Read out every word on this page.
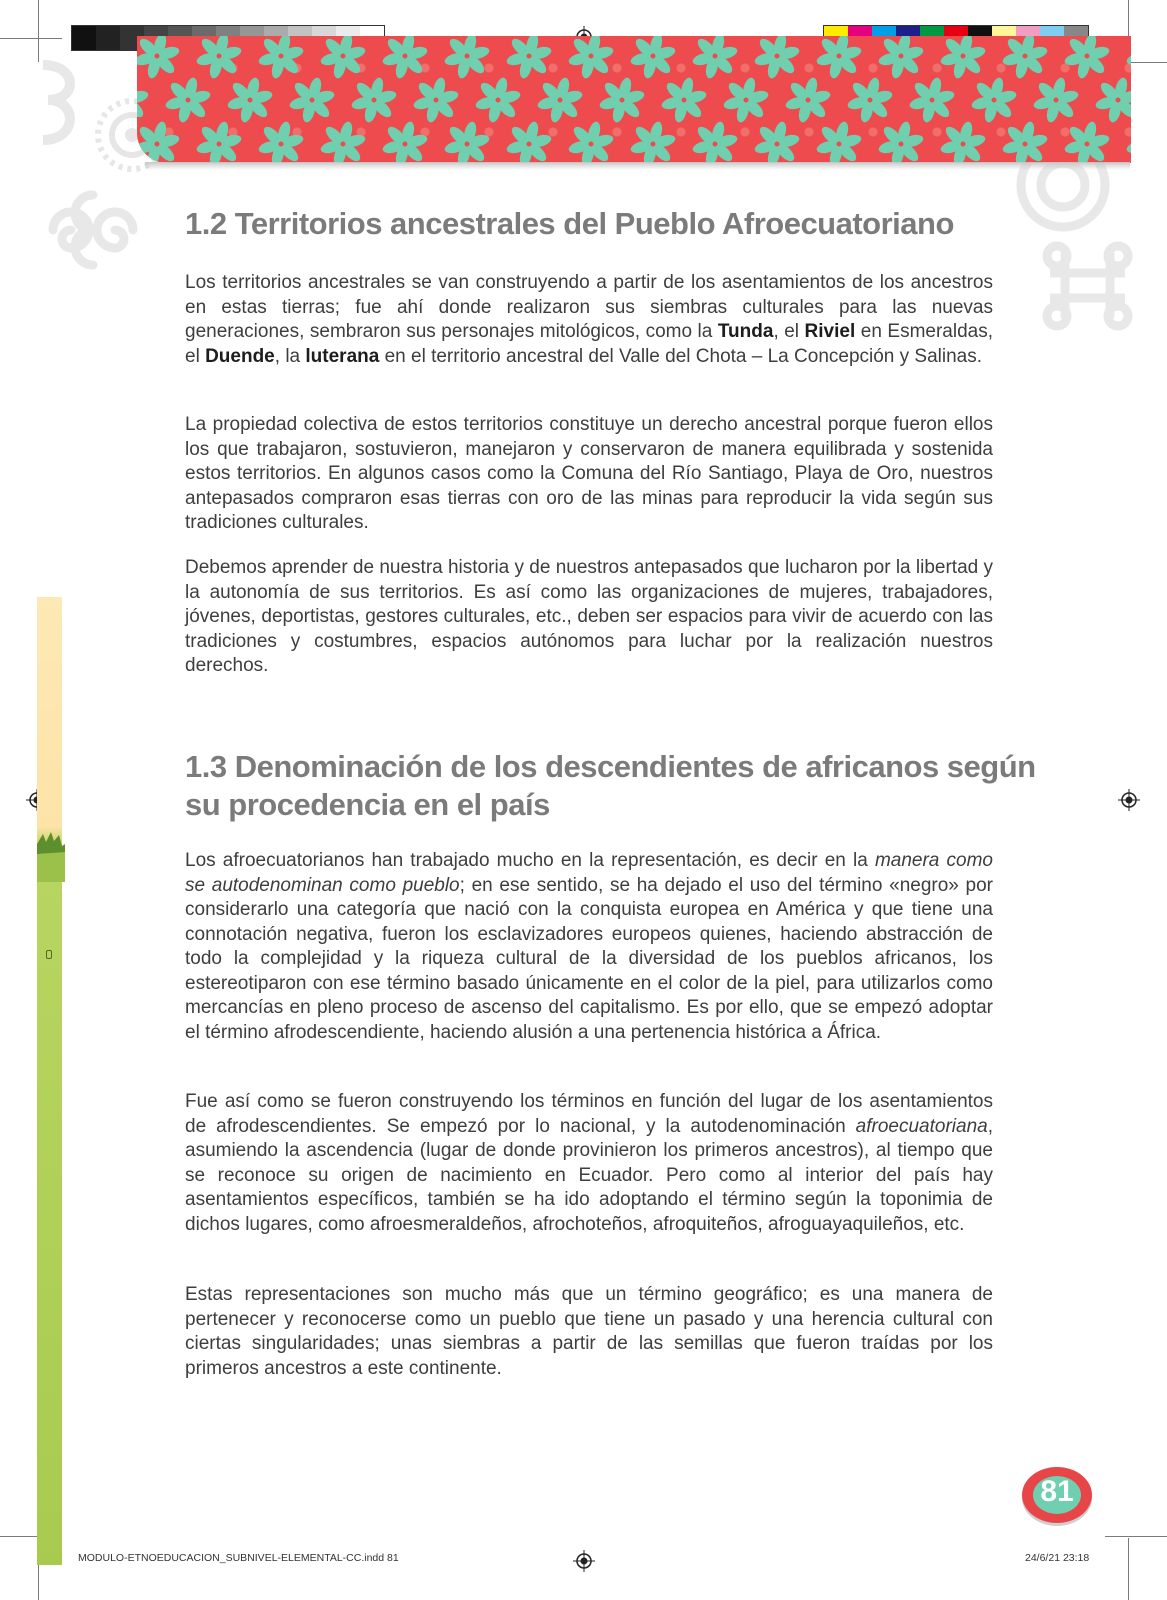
1.2 Territorios ancestrales del Pueblo Afroecuatoriano

Los territorios ancestrales se van construyendo a partir de los asentamientos de los ancestros en estas tierras; fue ahí donde realizaron sus siembras culturales para las nuevas generaciones, sembraron sus personajes mitológicos, como la Tunda, el Riviel en Esmeraldas, el Duende, la luterana en el territorio ancestral del Valle del Chota – La Concepción y Salinas.

La propiedad colectiva de estos territorios constituye un derecho ancestral porque fueron ellos los que trabajaron, sostuvieron, manejaron y conservaron de manera equilibrada y sostenida estos territorios. En algunos casos como la Comuna del Río Santiago, Playa de Oro, nuestros antepasados compraron esas tierras con oro de las minas para reproducir la vida según sus tradiciones culturales.

Debemos aprender de nuestra historia y de nuestros antepasados que lucharon por la libertad y la autonomía de sus territorios. Es así como las organizaciones de mujeres, trabajadores, jóvenes, deportistas, gestores culturales, etc., deben ser espacios para vivir de acuerdo con las tradiciones y costumbres, espacios autónomos para luchar por la realización nuestros derechos.

1.3 Denominación de los descendientes de africanos según
su procedencia en el país

Los afroecuatorianos han trabajado mucho en la representación, es decir en la manera como se autodenominan como pueblo; en ese sentido, se ha dejado el uso del término «negro» por considerarlo una categoría que nació con la conquista europea en América y que tiene una connotación negativa, fueron los esclavizadores europeos quienes, haciendo abstracción de todo la complejidad y la riqueza cultural de la diversidad de los pueblos africanos, los estereotiparon con ese término basado únicamente en el color de la piel, para utilizarlos como mercancías en pleno proceso de ascenso del capitalismo. Es por ello, que se empezó adoptar el término afrodescendiente, haciendo alusión a una pertenencia histórica a África.

Fue así como se fueron construyendo los términos en función del lugar de los asentamientos de afrodescendientes. Se empezó por lo nacional, y la autodenominación afroecuatoriana, asumiendo la ascendencia (lugar de donde provinieron los primeros ancestros), al tiempo que se reconoce su origen de nacimiento en Ecuador. Pero como al interior del país hay asentamientos específicos, también se ha ido adoptando el término según la toponimia de dichos lugares, como afroesmeraldeños, afrochoteños, afroquiteños, afroguayaquileños, etc.

Estas representaciones son mucho más que un término geográfico; es una manera de pertenecer y reconocerse como un pueblo que tiene un pasado y una herencia cultural con ciertas singularidades; unas siembras a partir de las semillas que fueron traídas por los primeros ancestros a este continente.

81
MODULO-ETNOEDUCACION_SUBNIVEL-ELEMENTAL-CC.indd 81	24/6/21 23:18
